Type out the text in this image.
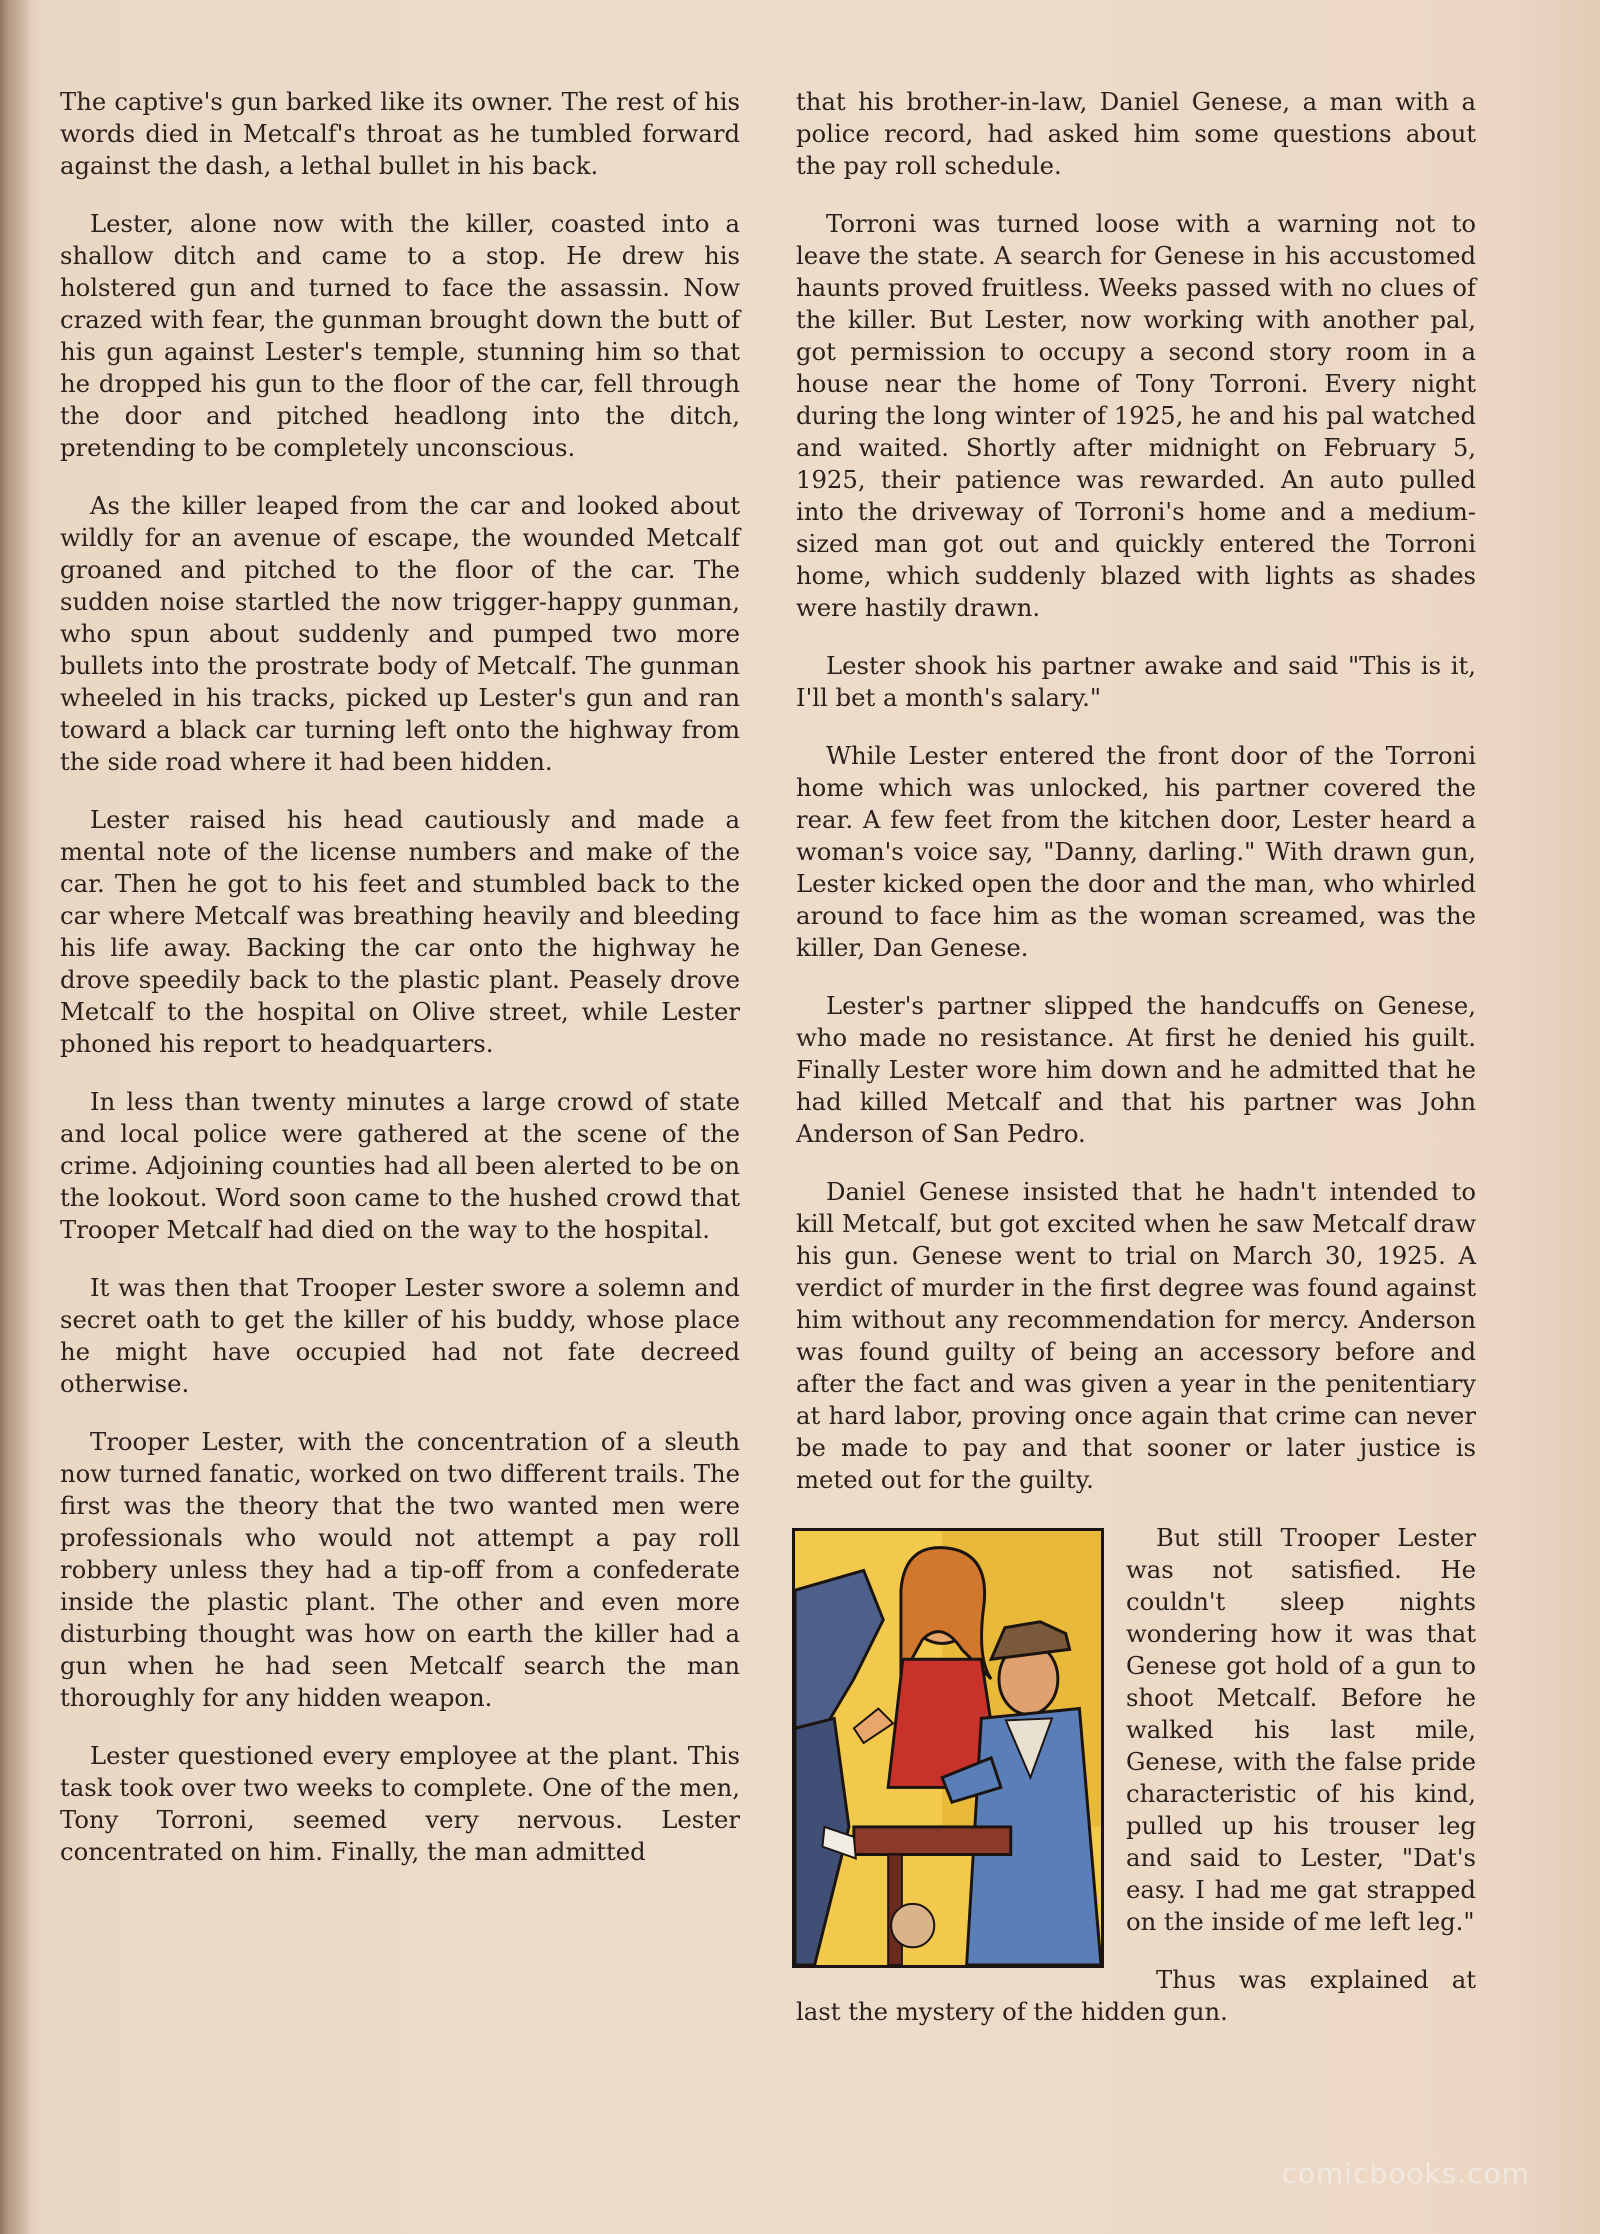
The captive's gun barked like its owner. The rest of his words died in Metcalf's throat as he tumbled forward against the dash, a lethal bullet in his back.

Lester, alone now with the killer, coasted into a shallow ditch and came to a stop. He drew his holstered gun and turned to face the assassin. Now crazed with fear, the gunman brought down the butt of his gun against Lester's temple, stunning him so that he dropped his gun to the floor of the car, fell through the door and pitched headlong into the ditch, pretending to be completely unconscious.

As the killer leaped from the car and looked about wildly for an avenue of escape, the wounded Metcalf groaned and pitched to the floor of the car. The sudden noise startled the now trigger-happy gunman, who spun about suddenly and pumped two more bullets into the prostrate body of Metcalf. The gunman wheeled in his tracks, picked up Lester's gun and ran toward a black car turning left onto the highway from the side road where it had been hidden.

Lester raised his head cautiously and made a mental note of the license numbers and make of the car. Then he got to his feet and stumbled back to the car where Metcalf was breathing heavily and bleeding his life away. Backing the car onto the highway he drove speedily back to the plastic plant. Peasely drove Metcalf to the hospital on Olive street, while Lester phoned his report to headquarters.

In less than twenty minutes a large crowd of state and local police were gathered at the scene of the crime. Adjoining counties had all been alerted to be on the lookout. Word soon came to the hushed crowd that Trooper Metcalf had died on the way to the hospital.

It was then that Trooper Lester swore a solemn and secret oath to get the killer of his buddy, whose place he might have occupied had not fate decreed otherwise.

Trooper Lester, with the concentration of a sleuth now turned fanatic, worked on two different trails. The first was the theory that the two wanted men were professionals who would not attempt a pay roll robbery unless they had a tip-off from a confederate inside the plastic plant. The other and even more disturbing thought was how on earth the killer had a gun when he had seen Metcalf search the man thoroughly for any hidden weapon.

Lester questioned every employee at the plant. This task took over two weeks to complete. One of the men, Tony Torroni, seemed very nervous. Lester concentrated on him. Finally, the man admitted

that his brother-in-law, Daniel Genese, a man with a police record, had asked him some questions about the pay roll schedule.

Torroni was turned loose with a warning not to leave the state. A search for Genese in his accustomed haunts proved fruitless. Weeks passed with no clues of the killer. But Lester, now working with another pal, got permission to occupy a second story room in a house near the home of Tony Torroni. Every night during the long winter of 1925, he and his pal watched and waited. Shortly after midnight on February 5, 1925, their patience was rewarded. An auto pulled into the driveway of Torroni's home and a medium-sized man got out and quickly entered the Torroni home, which suddenly blazed with lights as shades were hastily drawn.

Lester shook his partner awake and said "This is it, I'll bet a month's salary."

While Lester entered the front door of the Torroni home which was unlocked, his partner covered the rear. A few feet from the kitchen door, Lester heard a woman's voice say, "Danny, darling." With drawn gun, Lester kicked open the door and the man, who whirled around to face him as the woman screamed, was the killer, Dan Genese.

Lester's partner slipped the handcuffs on Genese, who made no resistance. At first he denied his guilt. Finally Lester wore him down and he admitted that he had killed Metcalf and that his partner was John Anderson of San Pedro.

Daniel Genese insisted that he hadn't intended to kill Metcalf, but got excited when he saw Metcalf draw his gun. Genese went to trial on March 30, 1925. A verdict of murder in the first degree was found against him without any recommendation for mercy. Anderson was found guilty of being an accessory before and after the fact and was given a year in the penitentiary at hard labor, proving once again that crime can never be made to pay and that sooner or later justice is meted out for the guilty.

But still Trooper Lester was not satisfied. He couldn't sleep nights wondering how it was that Genese got hold of a gun to shoot Metcalf. Before he walked his last mile, Genese, with the false pride characteristic of his kind, pulled up his trouser leg and said to Lester, "Dat's easy. I had me gat strapped on the inside of me left leg."

Thus was explained at last the mystery of the hidden gun.

comicbooks.com
